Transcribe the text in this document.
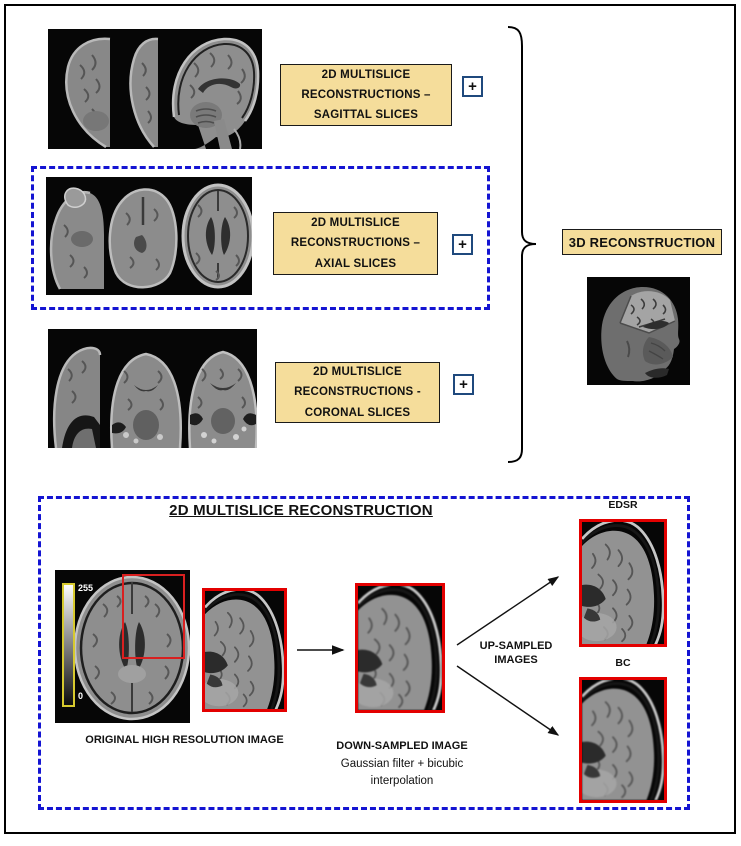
2D MULTISLICE
RECONSTRUCTIONS –
SAGITTAL SLICES
+
2D MULTISLICE
RECONSTRUCTIONS –
AXIAL SLICES
+
2D MULTISLICE
RECONSTRUCTIONS -
CORONAL SLICES
+
3D RECONSTRUCTION
2D MULTISLICE RECONSTRUCTION
255
0
UP-SAMPLED
IMAGES
EDSR
BC
ORIGINAL HIGH RESOLUTION IMAGE	DOWN-SAMPLED IMAGE
Gaussian filter + bicubic
interpolation
